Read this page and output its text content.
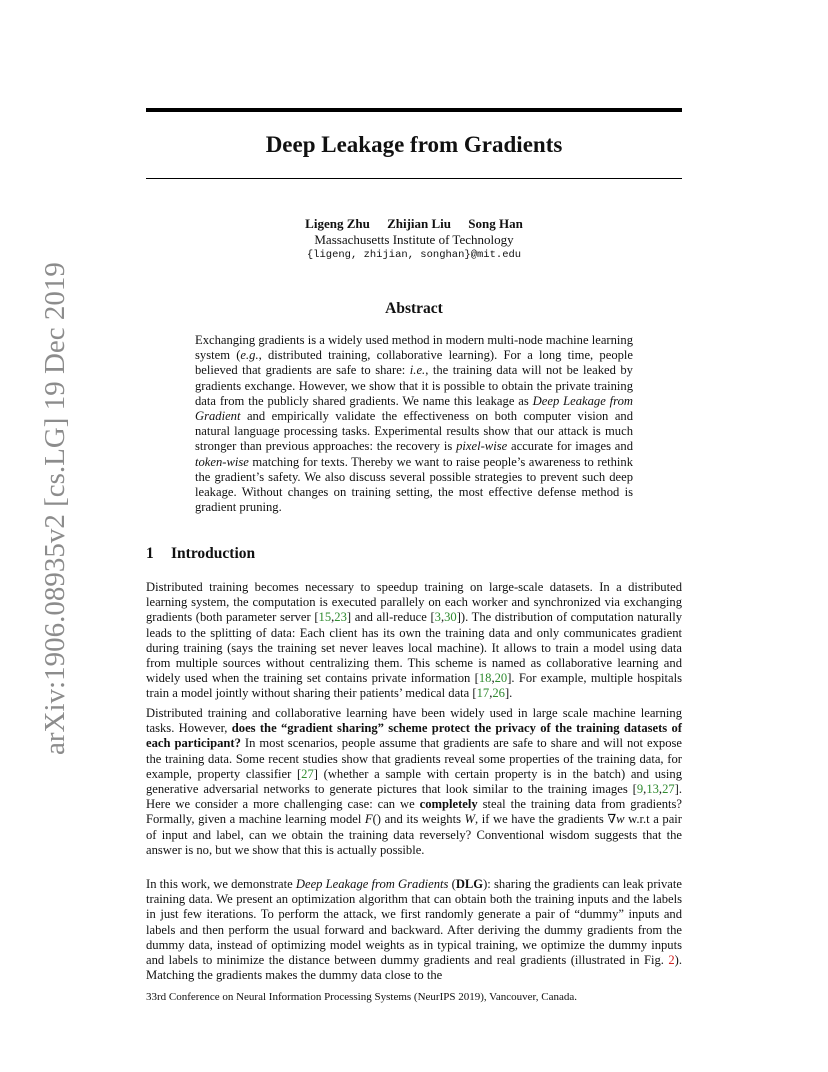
arXiv:1906.08935v2 [cs.LG] 19 Dec 2019
Deep Leakage from Gradients
Ligeng Zhu Zhijian Liu Song Han
Massachusetts Institute of Technology
{ligeng, zhijian, songhan}@mit.edu
Abstract
Exchanging gradients is a widely used method in modern multi-node machine learning system (e.g., distributed training, collaborative learning). For a long time, people believed that gradients are safe to share: i.e., the training data will not be leaked by gradients exchange. However, we show that it is possible to obtain the private training data from the publicly shared gradients. We name this leakage as Deep Leakage from Gradient and empirically validate the effectiveness on both computer vision and natural language processing tasks. Experimental results show that our attack is much stronger than previous approaches: the recovery is pixel-wise accurate for images and token-wise matching for texts. Thereby we want to raise people’s awareness to rethink the gradient’s safety. We also discuss several possible strategies to prevent such deep leakage. Without changes on training setting, the most effective defense method is gradient pruning.
1 Introduction

Distributed training becomes necessary to speedup training on large-scale datasets. In a distributed learning system, the computation is executed parallely on each worker and synchronized via exchanging gradients (both parameter server [15,23] and all-reduce [3,30]). The distribution of computation naturally leads to the splitting of data: Each client has its own the training data and only communicates gradient during training (says the training set never leaves local machine). It allows to train a model using data from multiple sources without centralizing them. This scheme is named as collaborative learning and widely used when the training set contains private information [18,20]. For example, multiple hospitals train a model jointly without sharing their patients’ medical data [17,26].

Distributed training and collaborative learning have been widely used in large scale machine learning tasks. However, does the “gradient sharing” scheme protect the privacy of the training datasets of each participant? In most scenarios, people assume that gradients are safe to share and will not expose the training data. Some recent studies show that gradients reveal some properties of the training data, for example, property classifier [27] (whether a sample with certain property is in the batch) and using generative adversarial networks to generate pictures that look similar to the training images [9,13,27]. Here we consider a more challenging case: can we completely steal the training data from gradients? Formally, given a machine learning model F() and its weights W, if we have the gradients ∇w w.r.t a pair of input and label, can we obtain the training data reversely? Conventional wisdom suggests that the answer is no, but we show that this is actually possible.

In this work, we demonstrate Deep Leakage from Gradients (DLG): sharing the gradients can leak private training data. We present an optimization algorithm that can obtain both the training inputs and the labels in just few iterations. To perform the attack, we first randomly generate a pair of “dummy” inputs and labels and then perform the usual forward and backward. After deriving the dummy gradients from the dummy data, instead of optimizing model weights as in typical training, we optimize the dummy inputs and labels to minimize the distance between dummy gradients and real gradients (illustrated in Fig. 2). Matching the gradients makes the dummy data close to the

33rd Conference on Neural Information Processing Systems (NeurIPS 2019), Vancouver, Canada.
